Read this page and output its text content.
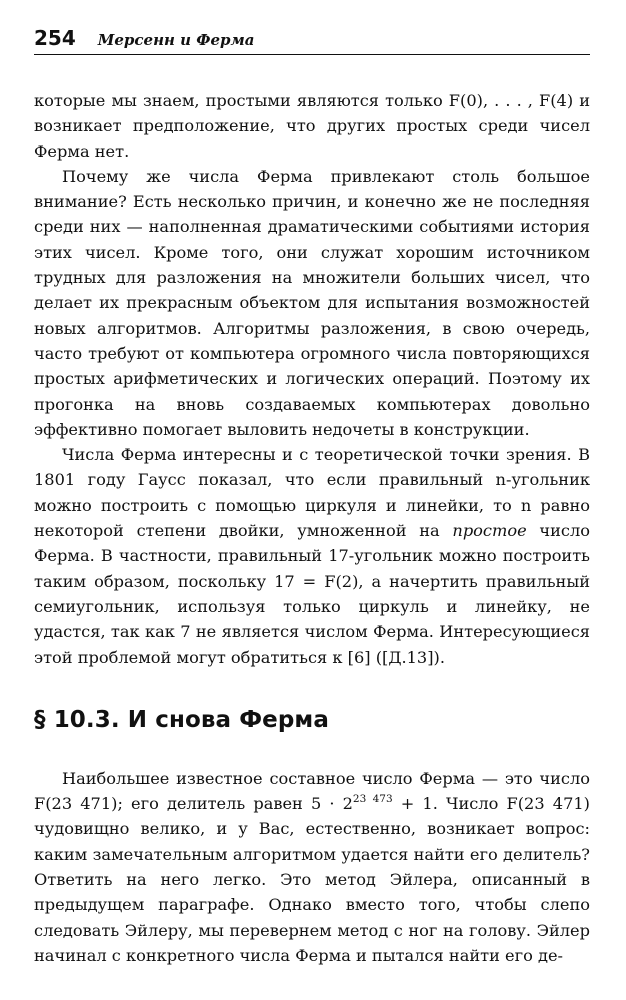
254 Мерсенн и Ферма

которые мы знаем, простыми являются только F(0), . . . , F(4) и возникает предположение, что других простых среди чисел Ферма нет.

Почему же числа Ферма привлекают столь большое внимание? Есть несколько причин, и конечно же не последняя среди них — наполненная драматическими событиями история этих чисел. Кроме того, они служат хорошим источником трудных для разложения на множители больших чисел, что делает их прекрасным объектом для испытания возможностей новых алгоритмов. Алгоритмы разложения, в свою очередь, часто требуют от компьютера огромного числа повторяющихся простых арифметических и логических операций. Поэтому их прогонка на вновь создаваемых компьютерах довольно эффективно помогает выловить недочеты в конструкции.

Числа Ферма интересны и с теоретической точки зрения. В 1801 году Гаусс показал, что если правильный n-угольник можно построить с помощью циркуля и линейки, то n равно некоторой степени двойки, умноженной на простое число Ферма. В частности, правильный 17-угольник можно построить таким образом, поскольку 17 = F(2), а начертить правильный семиугольник, используя только циркуль и линейку, не удастся, так как 7 не является числом Ферма. Интересующиеся этой проблемой могут обратиться к [6] ([Д.13]).

§ 10.3. И снова Ферма

Наибольшее известное составное число Ферма — это число F(23 471); его делитель равен $5 \cdot 2^{23 473} + 1$. Число F(23 471) чудовищно велико, и у Вас, естественно, возникает вопрос: каким замечательным алгоритмом удается найти его делитель? Ответить на него легко. Это метод Эйлера, описанный в предыдущем параграфе. Однако вместо того, чтобы слепо следовать Эйлеру, мы перевернем метод с ног на голову. Эйлер начинал с конкретного числа Ферма и пытался найти его де-
